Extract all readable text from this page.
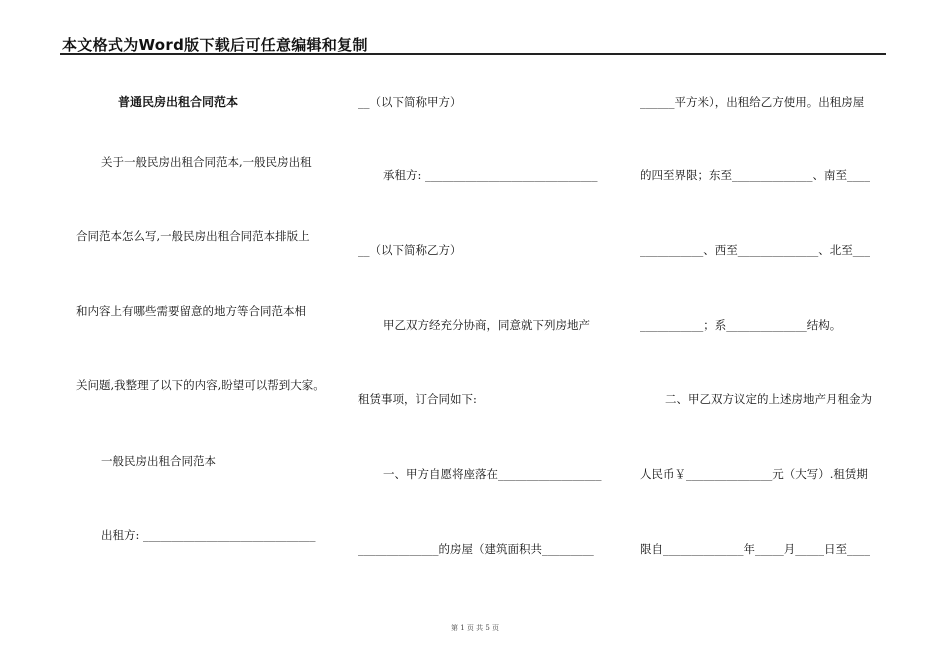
本文格式为Word版下载后可任意编辑和复制
普通民房出租合同范本
关于一般民房出租合同范本,一般民房出租
合同范本怎么写,一般民房出租合同范本排版上
和内容上有哪些需要留意的地方等合同范本相
关问题,我整理了以下的内容,盼望可以帮到大家。
一般民房出租合同范本
出租方: ______________________________
__（以下简称甲方）
承租方: ______________________________
__（以下简称乙方）
甲乙双方经充分协商，同意就下列房地产
租赁事项，订合同如下:
一、甲方自愿将座落在__________________
______________的房屋（建筑面积共_________
______平方米），出租给乙方使用。出租房屋
的四至界限；东至______________、南至____
___________、西至______________、北至___
___________；系______________结构。
二、甲乙双方议定的上述房地产月租金为
人民币￥_______________元（大写）.租赁期
限自______________年_____月_____日至____
第 1 页 共 5 页
